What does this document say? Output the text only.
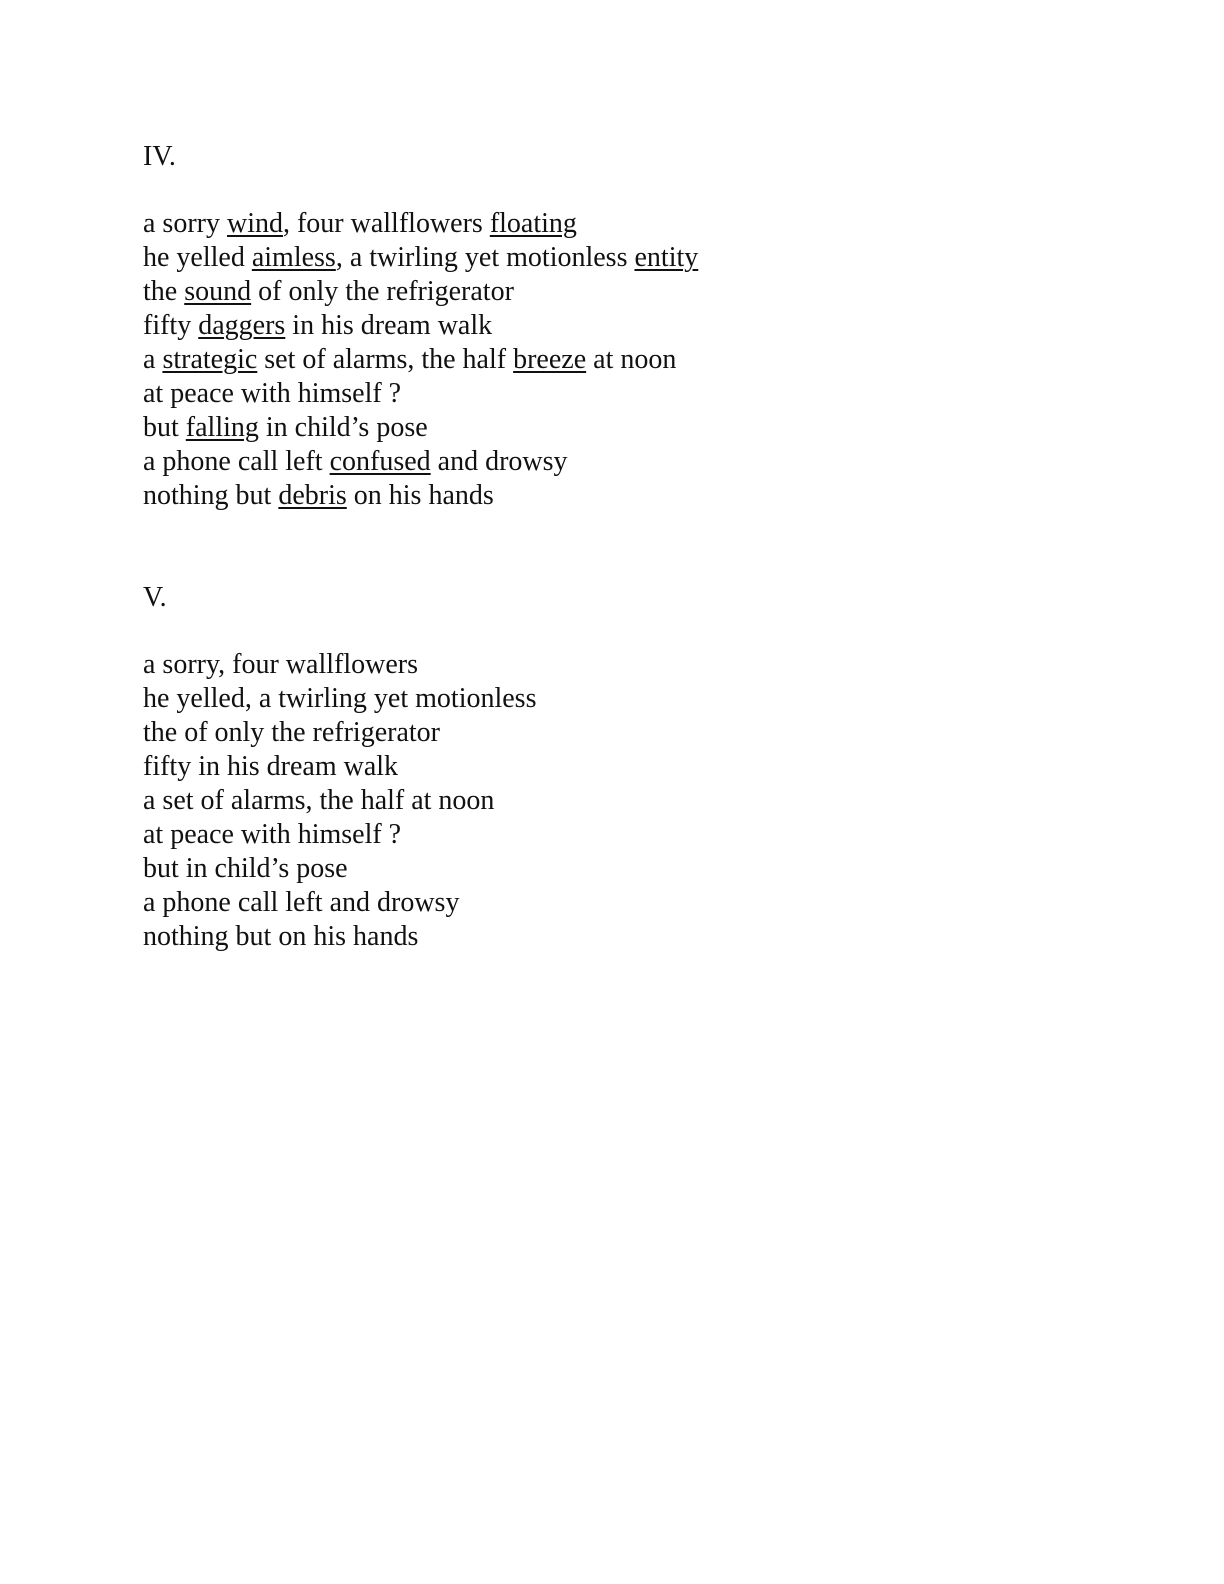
IV.
a sorry wind, four wallflowers floating
he yelled aimless, a twirling yet motionless entity
the sound of only the refrigerator
fifty daggers in his dream walk
a strategic set of alarms, the half breeze at noon
at peace with himself ?
but falling in child’s pose
a phone call left confused and drowsy
nothing but debris on his hands
V.
a sorry, four wallflowers
he yelled, a twirling yet motionless
the of only the refrigerator
fifty in his dream walk
a set of alarms, the half at noon
at peace with himself ?
but in child’s pose
a phone call left and drowsy
nothing but on his hands
